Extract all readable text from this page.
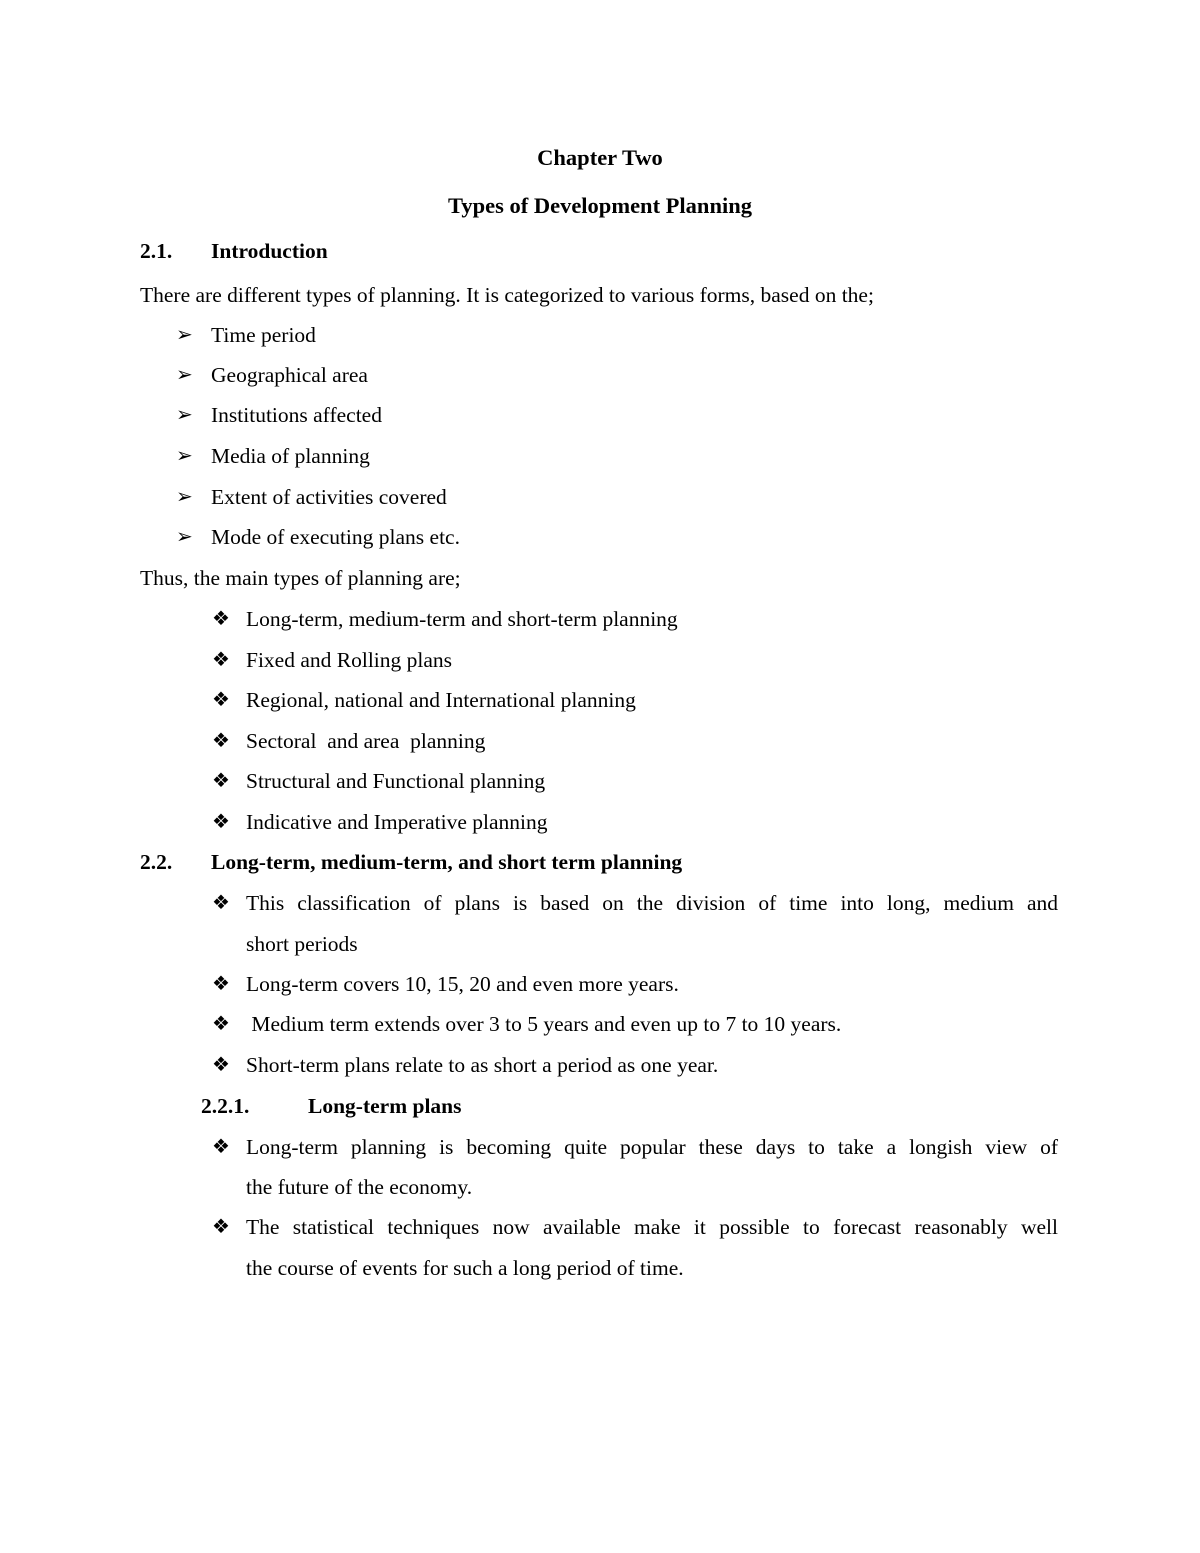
Chapter Two
Types of Development Planning
2.1. Introduction
There are different types of planning. It is categorized to various forms, based on the;
➢ Time period
➢ Geographical area
➢ Institutions affected
➢ Media of planning
➢ Extent of activities covered
➢ Mode of executing plans etc.
Thus, the main types of planning are;
❖ Long-term, medium-term and short-term planning
❖ Fixed and Rolling plans
❖ Regional, national and International planning
❖ Sectoral  and area  planning
❖ Structural and Functional planning
❖ Indicative and Imperative planning
2.2. Long-term, medium-term, and short term planning
❖ This classification of plans is based on the division of time into long, medium and
short periods
❖ Long-term covers 10, 15, 20 and even more years.
❖ Medium term extends over 3 to 5 years and even up to 7 to 10 years.
❖ Short-term plans relate to as short a period as one year.
2.2.1.	Long-term plans
❖ Long-term planning is becoming quite popular these days to take a longish view of
the future of the economy.
❖ The statistical techniques now available make it possible to forecast reasonably well
the course of events for such a long period of time.
